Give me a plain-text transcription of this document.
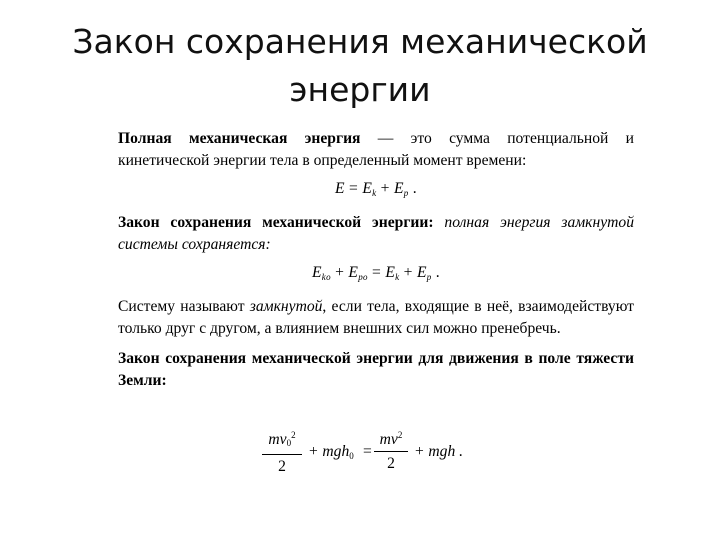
Закон сохранения механической
энергии

Полная механическая энергия — это сумма потенциальной и кинетической энергии тела в определенный момент времени:

$E = E_k + E_p$ .

Закон сохранения механической энергии: полная энергия замкнутой системы сохраняется:

$E_{ko} + E_{po} = E_k + E_p$ .

Систему называют замкнутой, если тела, входящие в неё, взаимодействуют только друг с другом, а влиянием внешних сил можно пренебречь.

Закон сохранения механической энергии для движения в поле тяжести Земли:

$mv_0^2$
2
+ mgh$_0$ =
$mv^2$
2
+ mgh .
